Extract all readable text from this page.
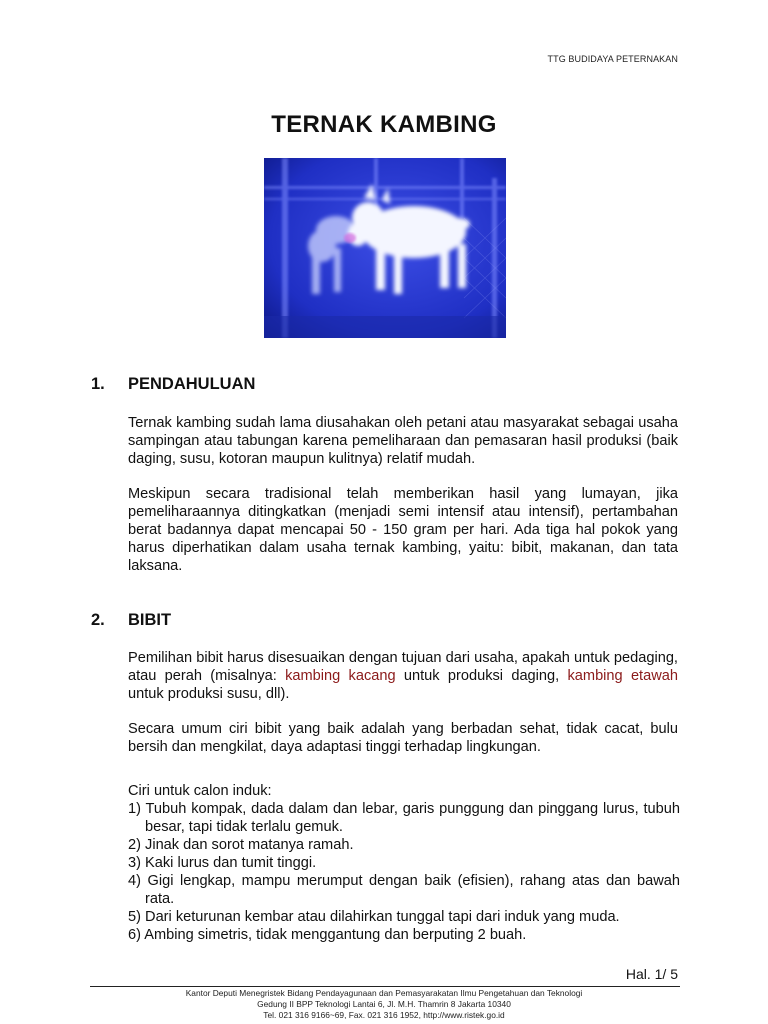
TTG BUDIDAYA PETERNAKAN
TERNAK KAMBING
1. PENDAHULUAN

Ternak kambing sudah lama diusahakan oleh petani atau masyarakat sebagai usaha sampingan atau tabungan karena pemeliharaan dan pemasaran hasil produksi (baik daging, susu, kotoran maupun kulitnya) relatif mudah.

Meskipun secara tradisional telah memberikan hasil yang lumayan, jika pemeliharaannya ditingkatkan (menjadi semi intensif atau intensif), pertambahan berat badannya dapat mencapai 50 - 150 gram per hari. Ada tiga hal pokok yang harus diperhatikan dalam usaha ternak kambing, yaitu: bibit, makanan, dan tata laksana.

2. BIBIT

Pemilihan bibit harus disesuaikan dengan tujuan dari usaha, apakah untuk pedaging, atau perah (misalnya: kambing kacang untuk produksi daging, kambing etawah untuk produksi susu, dll).

Secara umum ciri bibit yang baik adalah yang berbadan sehat, tidak cacat, bulu bersih dan mengkilat, daya adaptasi tinggi terhadap lingkungan.

Ciri untuk calon induk:
1) Tubuh kompak, dada dalam dan lebar, garis punggung dan pinggang lurus, tubuh besar, tapi tidak terlalu gemuk.
2) Jinak dan sorot matanya ramah.
3) Kaki lurus dan tumit tinggi.
4) Gigi lengkap, mampu merumput dengan baik (efisien), rahang atas dan bawah rata.
5) Dari keturunan kembar atau dilahirkan tunggal tapi dari induk yang muda.
6) Ambing simetris, tidak menggantung dan berputing 2 buah.
Hal. 1/ 5
Kantor Deputi Menegristek Bidang Pendayagunaan dan Pemasyarakatan Ilmu Pengetahuan dan Teknologi
Gedung II BPP Teknologi Lantai 6, Jl. M.H. Thamrin 8 Jakarta 10340
Tel. 021 316 9166~69, Fax. 021 316 1952, http://www.ristek.go.id
